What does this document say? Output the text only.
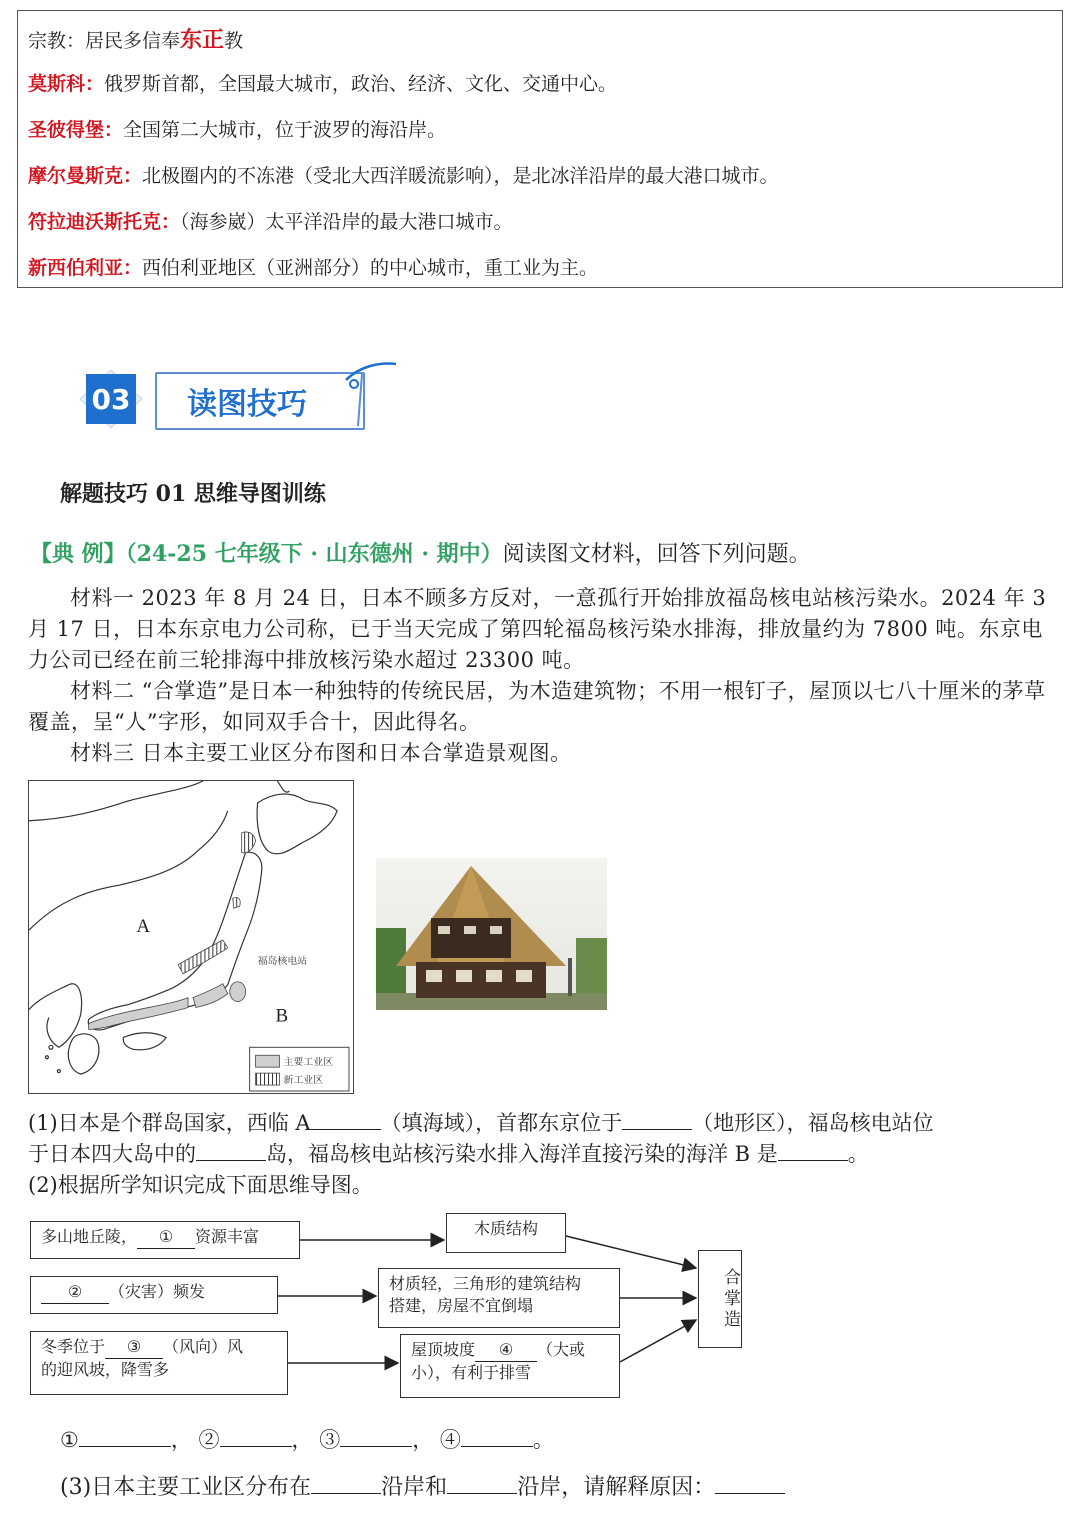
宗教：居民多信奉东正教
莫斯科：俄罗斯首都，全国最大城市，政治、经济、文化、交通中心。
圣彼得堡：全国第二大城市，位于波罗的海沿岸。
摩尔曼斯克：北极圈内的不冻港（受北大西洋暖流影响），是北冰洋沿岸的最大港口城市。
符拉迪沃斯托克：（海参崴）太平洋沿岸的最大港口城市。
新西伯利亚：西伯利亚地区（亚洲部分）的中心城市，重工业为主。
03	读图技巧
解题技巧 01 思维导图训练
【典 例】（24-25 七年级下 · 山东德州 · 期中）阅读图文材料，回答下列问题。
材料一 2023 年 8 月 24 日，日本不顾多方反对，一意孤行开始排放福岛核电站核污染水。2024 年 3 月 17 日，日本东京电力公司称，已于当天完成了第四轮福岛核污染水排海，排放量约为 7800 吨。东京电力公司已经在前三轮排海中排放核污染水超过 23300 吨。
材料二 “合掌造”是日本一种独特的传统民居，为木造建筑物；不用一根钉子，屋顶以七八十厘米的茅草覆盖，呈“人”字形，如同双手合十，因此得名。
材料三 日本主要工业区分布图和日本合掌造景观图。
A
B
福岛核电站
主要工业区
新工业区
(1)日本是个群岛国家，西临 A	（填海域），首都东京位于	（地形区），福岛核电站位
于日本四大岛中的	岛，福岛核电站核污染水排入海洋直接污染的海洋 B 是	。
(2)根据所学知识完成下面思维导图。
多山地丘陵， ① 资源丰富
② （灾害）频发
冬季位于 ③ （风向）风
的迎风坡，降雪多
木质结构
材质轻，三角形的建筑结构
搭建，房屋不宜倒塌
屋顶坡度 ④ （大或
小），有利于排雪
合掌造
①	， ②	， ③	， ④	。
(3)日本主要工业区分布在	沿岸和	沿岸，请解释原因：
